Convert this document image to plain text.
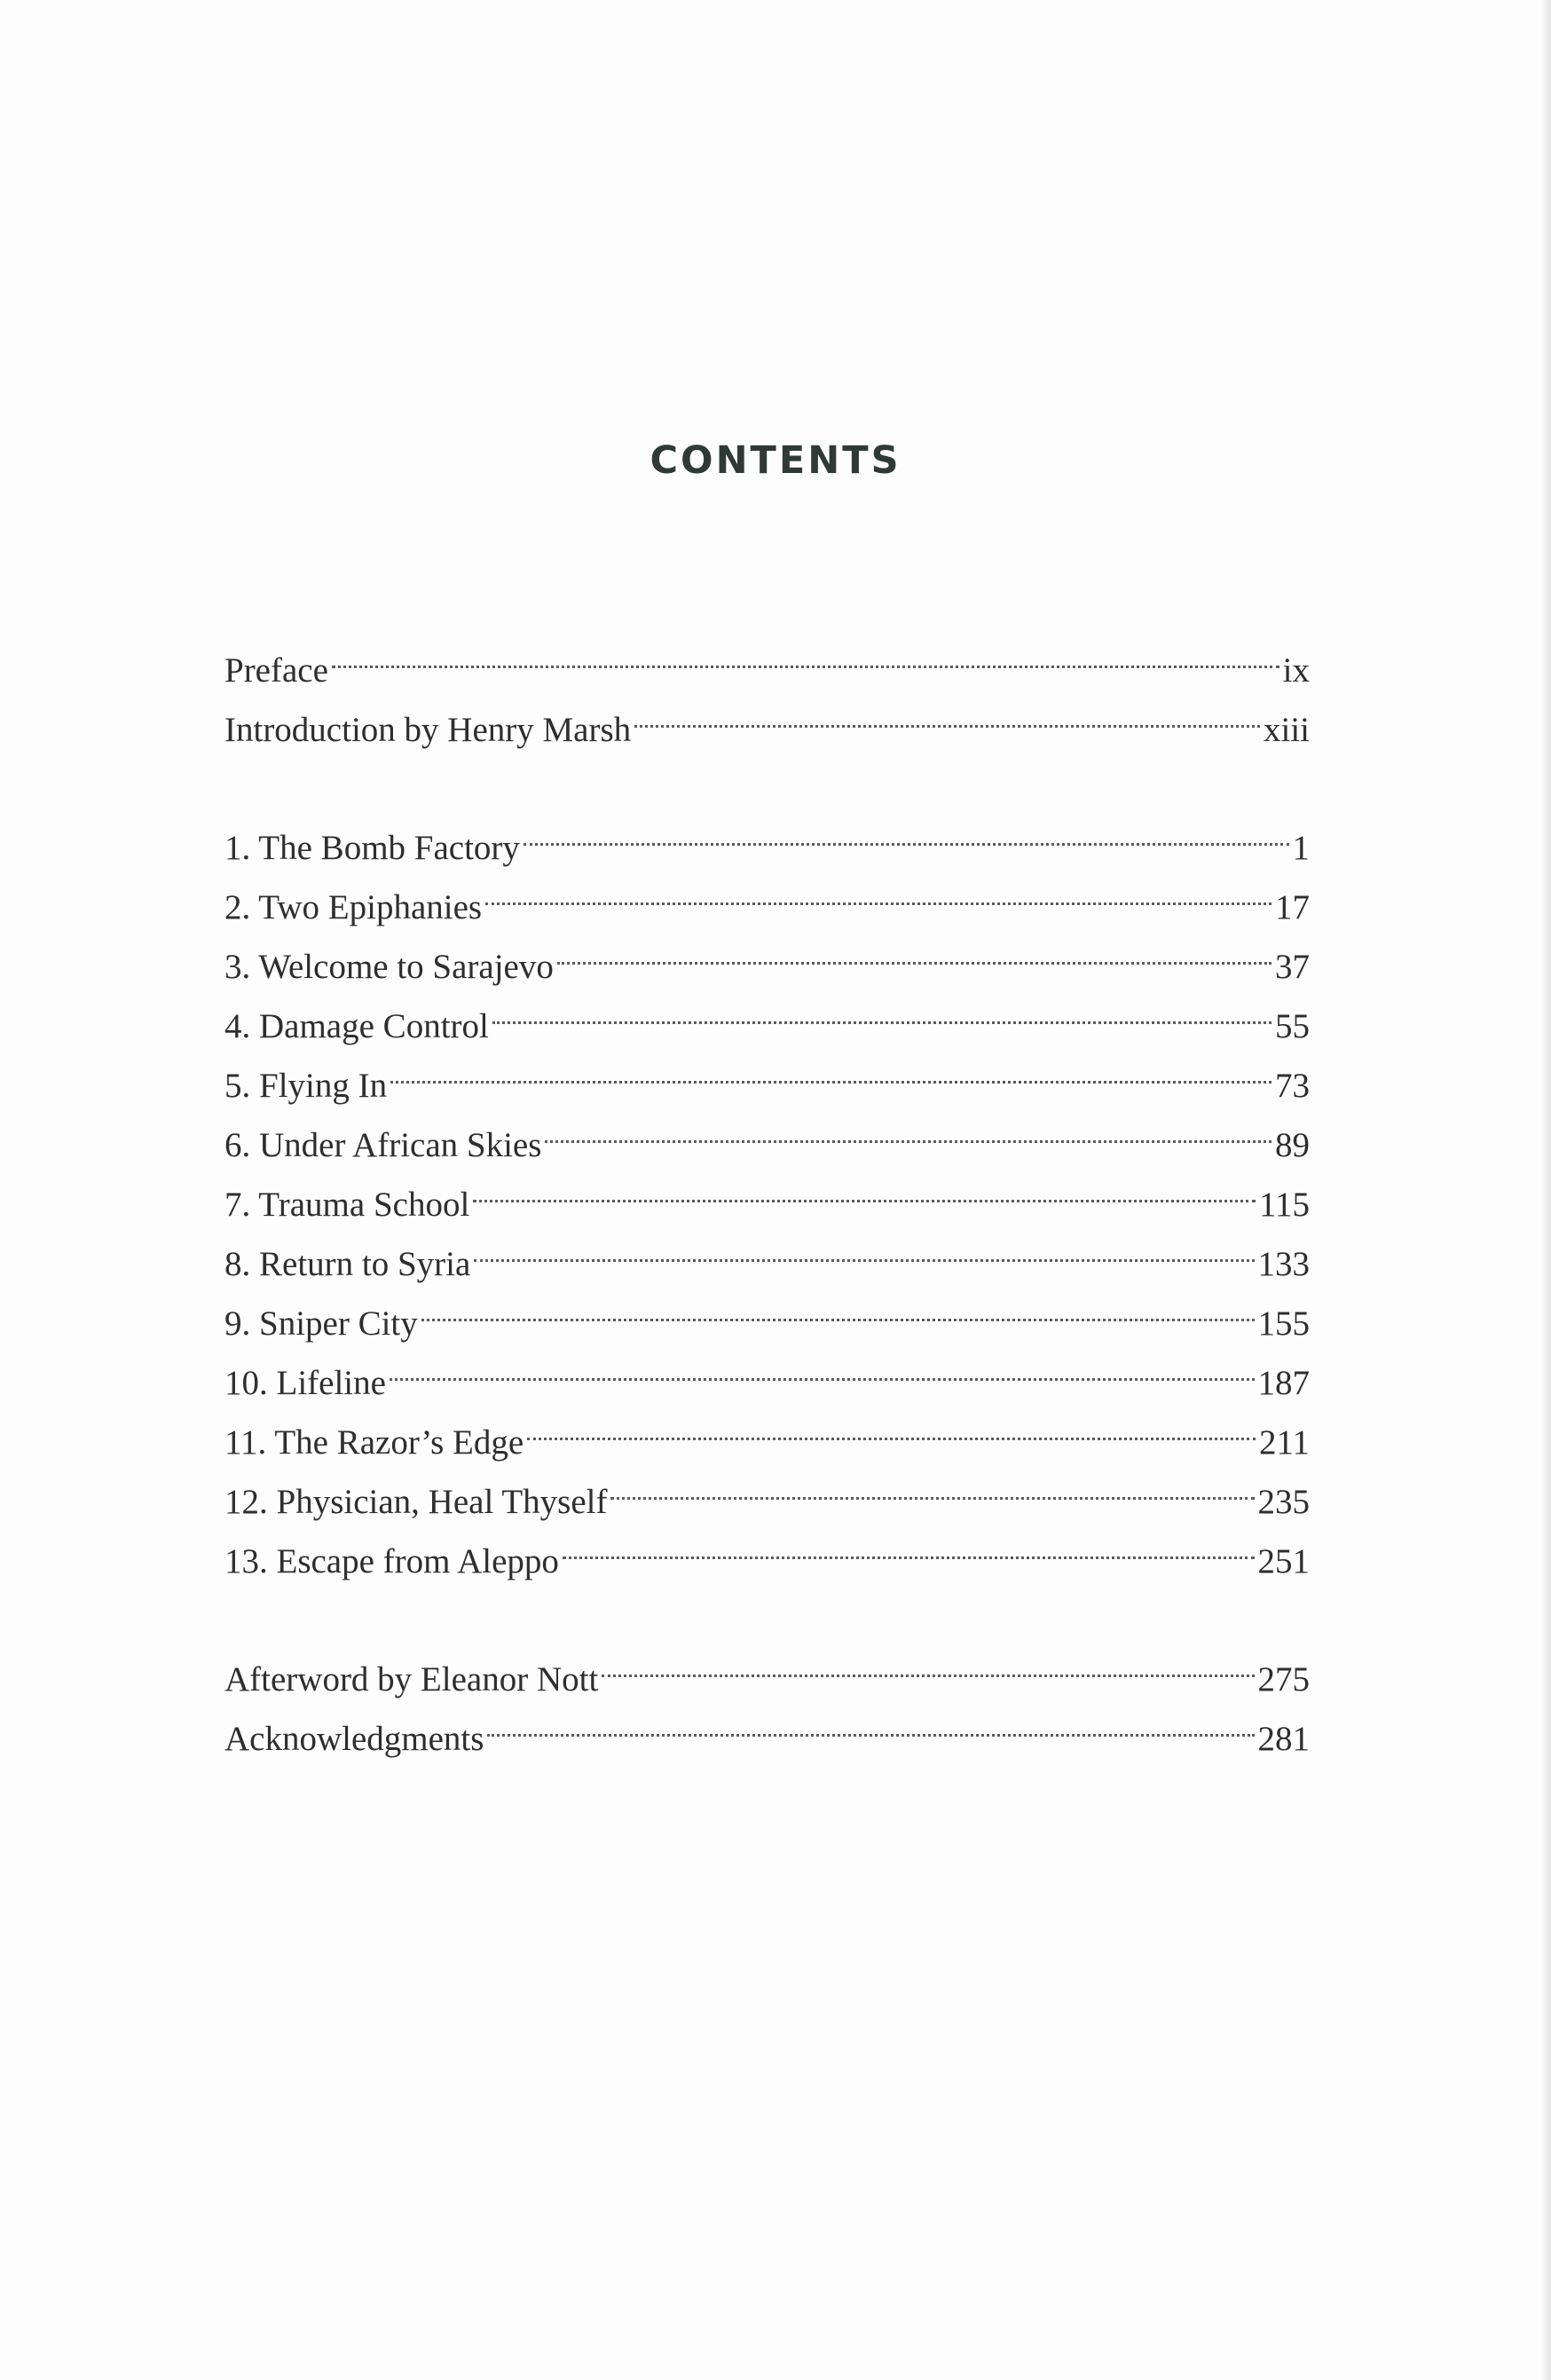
CONTENTS
Preface	ix
Introduction by Henry Marsh	xiii
1. The Bomb Factory	1
2. Two Epiphanies	17
3. Welcome to Sarajevo	37
4. Damage Control	55
5. Flying In	73
6. Under African Skies	89
7. Trauma School	115
8. Return to Syria	133
9. Sniper City	155
10. Lifeline	187
11. The Razor’s Edge	211
12. Physician, Heal Thyself	235
13. Escape from Aleppo	251
Afterword by Eleanor Nott	275
Acknowledgments	281
